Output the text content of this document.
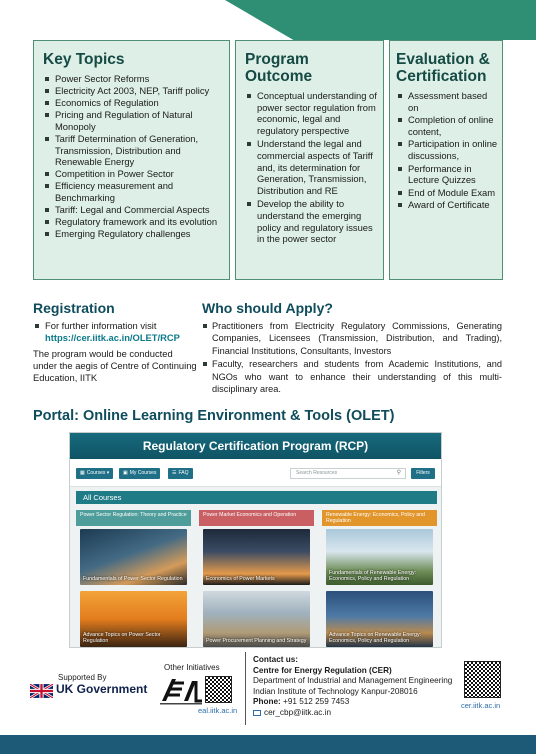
Key Topics
Power Sector Reforms
Electricity Act 2003, NEP, Tariff policy
Economics of Regulation
Pricing and Regulation of Natural Monopoly
Tariff Determination of Generation, Transmission, Distribution and Renewable Energy
Competition in Power Sector
Efficiency measurement and Benchmarking
Tariff: Legal and Commercial Aspects
Regulatory framework and its evolution
Emerging Regulatory challenges
Program Outcome
Conceptual understanding of power sector regulation from economic, legal and regulatory perspective
Understand the legal and commercial aspects of Tariff and, its determination for Generation, Transmission, Distribution and RE
Develop the ability to understand the emerging policy and regulatory issues in the power sector
Evaluation & Certification
Assessment based on
Completion of online content,
Participation in online discussions,
Performance in Lecture Quizzes
End of Module Exam
Award of Certificate
Registration
For further information visit
https://cer.iitk.ac.in/OLET/RCP
The program would be conducted under the aegis of Centre of Continuing Education, IITK
Who should Apply?
Practitioners from Electricity Regulatory Commissions, Generating Companies, Licensees (Transmission, Distribution, and Trading), Financial Institutions, Consultants, Investors
Faculty, researchers and students from Academic Institutions, and NGOs who want to enhance their understanding of this multi-disciplinary area.
Portal: Online Learning Environment & Tools (OLET)
Regulatory Certification Program (RCP)
▦ Courses ▾	▣ My Courses	☰ FAQ	Search Resources	⚲	Filters
All Courses
Power Sector Regulation: Theory and Practice
Fundamentals of Power Sector Regulation
Advance Topics on Power Sector Regulation
Power Market Economics and Operation
Economics of Power Markets
Power Procurement Planning and Strategy
Renewable Energy: Economics, Policy and Regulation
Fundamentals of Renewable Energy: Economics, Policy and Regulation
Advance Topics on Renewable Energy: Economics, Policy and Regulation
Supported By
UK Government
Other Initiatives
eal.iitk.ac.in
Contact us:
Centre for Energy Regulation (CER)
Department of Industrial and Management Engineering
Indian Institute of Technology Kanpur-208016
Phone: +91 512 259 7453
cer_cbp@iitk.ac.in
cer.iitk.ac.in
